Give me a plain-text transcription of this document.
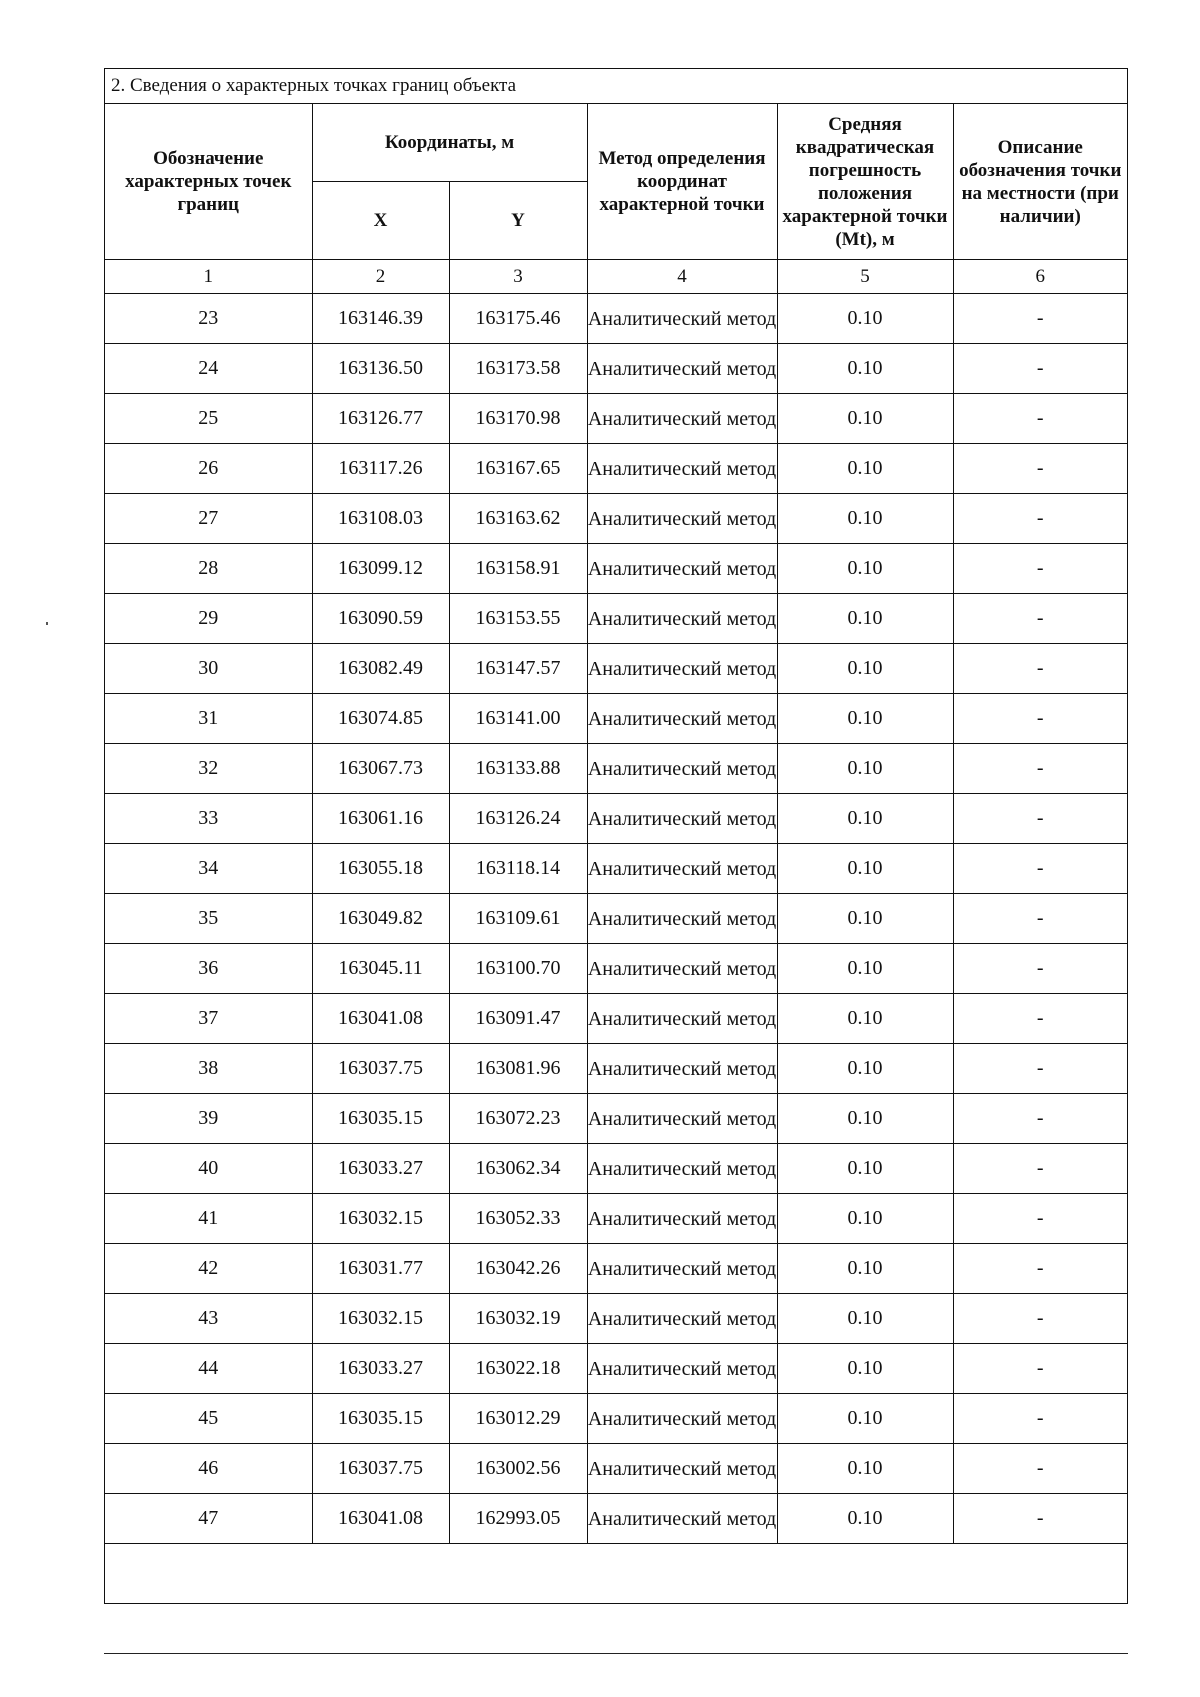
2. Сведения о характерных точках границ объекта					
Обозначение характерных точек границ	Координаты, м		Метод определения координат характерной точки	Средняя квадратическая погрешность положения характерной точки (Mt), м	Описание обозначения точки на местности (при наличии)
	X	Y			
1	2	3	4	5	6
23	163146.39	163175.46	Аналитический метод	0.10	-
24	163136.50	163173.58	Аналитический метод	0.10	-
25	163126.77	163170.98	Аналитический метод	0.10	-
26	163117.26	163167.65	Аналитический метод	0.10	-
27	163108.03	163163.62	Аналитический метод	0.10	-
28	163099.12	163158.91	Аналитический метод	0.10	-
29	163090.59	163153.55	Аналитический метод	0.10	-
30	163082.49	163147.57	Аналитический метод	0.10	-
31	163074.85	163141.00	Аналитический метод	0.10	-
32	163067.73	163133.88	Аналитический метод	0.10	-
33	163061.16	163126.24	Аналитический метод	0.10	-
34	163055.18	163118.14	Аналитический метод	0.10	-
35	163049.82	163109.61	Аналитический метод	0.10	-
36	163045.11	163100.70	Аналитический метод	0.10	-
37	163041.08	163091.47	Аналитический метод	0.10	-
38	163037.75	163081.96	Аналитический метод	0.10	-
39	163035.15	163072.23	Аналитический метод	0.10	-
40	163033.27	163062.34	Аналитический метод	0.10	-
41	163032.15	163052.33	Аналитический метод	0.10	-
42	163031.77	163042.26	Аналитический метод	0.10	-
43	163032.15	163032.19	Аналитический метод	0.10	-
44	163033.27	163022.18	Аналитический метод	0.10	-
45	163035.15	163012.29	Аналитический метод	0.10	-
46	163037.75	163002.56	Аналитический метод	0.10	-
47	163041.08	162993.05	Аналитический метод	0.10	-
